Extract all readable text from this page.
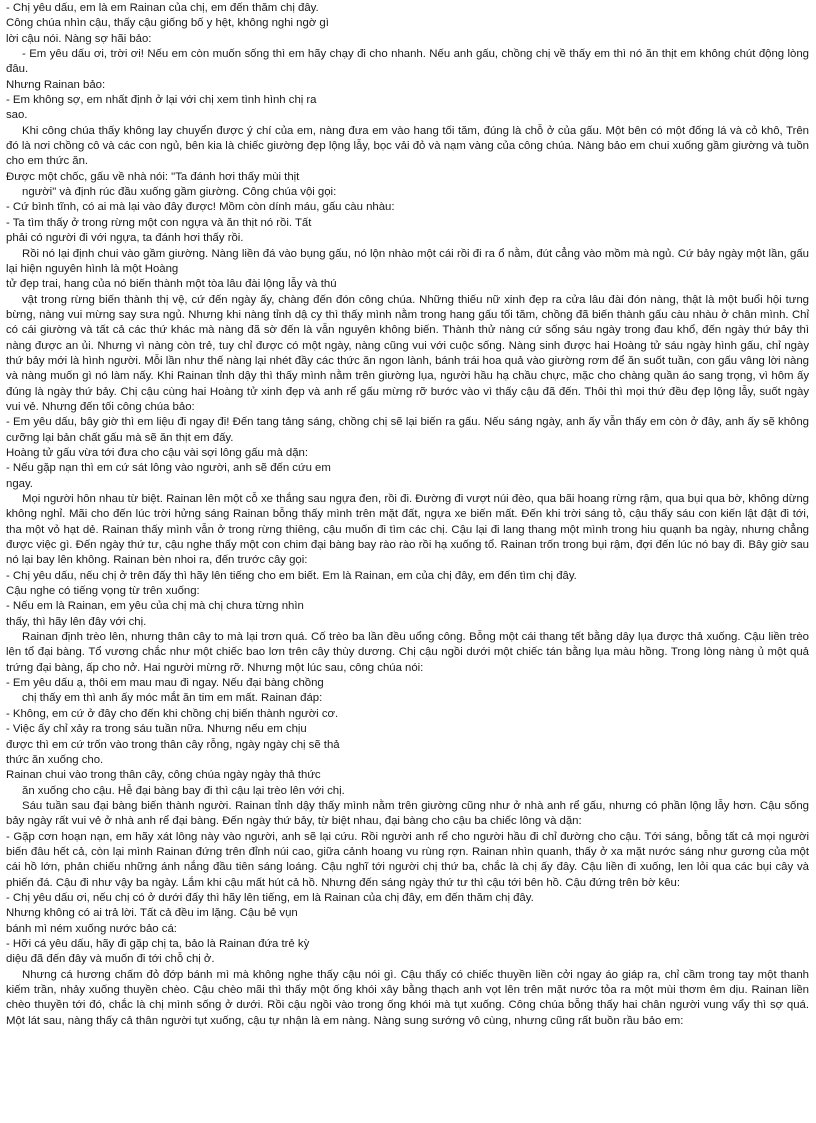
- Chị yêu dấu, em là em Rainan của chị, em đến thăm chị đây.
Công chúa nhìn cậu, thấy cậu giống bố y hệt, không nghi ngờ gì
lời cậu nói. Nàng sợ hãi bảo:
- Em yêu dấu ơi, trời ơi! Nếu em còn muốn sống thì em hãy chạy đi cho nhanh. Nếu anh gấu, chồng chị về thấy em thì nó ăn thịt em không chút động lòng đâu.
Nhưng Rainan bảo:
- Em không sợ, em nhất định ở lại với chị xem tình hình chị ra
sao.
Khi công chúa thấy không lay chuyển được ý chí của em, nàng đưa em vào hang tối tăm, đúng là chỗ ở của gấu. Một bên có một đống lá và cỏ khô, Trên đó là nơi chồng cô và các con ngủ, bên kia là chiếc giường đẹp lộng lẫy, bọc vải đỏ và nạm vàng của công chúa. Nàng bảo em chui xuống gầm giường và tuồn cho em thức ăn.
Được một chốc, gấu về nhà nói: "Ta đánh hơi thấy mùi thịt
người" và định rúc đầu xuống gầm giường. Công chúa vội gọi:
- Cứ bình tĩnh, có ai mà lại vào đây được! Mồm còn dính máu, gấu càu nhàu:
- Ta tìm thấy ở trong rừng một con ngựa và ăn thịt nó rồi. Tất
phải có người đi với ngựa, ta đánh hơi thấy rồi.
Rồi nó lại định chui vào gầm giường. Nàng liền đá vào bụng gấu, nó lộn nhào một cái rồi đi ra ổ nằm, đút cẳng vào mồm mà ngủ. Cứ bảy ngày một lần, gấu lại hiện nguyên hình là một Hoàng
tử đẹp trai, hang của nó biến thành một tòa lâu đài lộng lẫy và thú
vật trong rừng biến thành thị vệ, cứ đến ngày ấy, chàng đến đón công chúa. Những thiếu nữ xinh đẹp ra cửa lâu đài đón nàng, thật là một buổi hội tưng bừng, nàng vui mừng say sưa ngủ. Nhưng khi nàng tỉnh dậ cy thì thấy mình nằm trong hang gấu tối tăm, chồng đã biến thành gấu càu nhàu ở chân mình. Chỉ có cái giường và tất cả các thứ khác mà nàng đã sờ đến là vẫn nguyên không biến. Thành thử nàng cứ sống sáu ngày trong đau khổ, đến ngày thứ bảy thì nàng được an ủi. Nhưng vì nàng còn trẻ, tuy chỉ được có một ngày, nàng cũng vui với cuộc sống. Nàng sinh được hai Hoàng tử sáu ngày hình gấu, chỉ ngày thứ bảy mới là hình người. Mỗi lần như thế nàng lại nhét đầy các thức ăn ngon lành, bánh trái hoa quả vào giường rơm để ăn suốt tuần, con gấu vâng lời nàng và nàng muốn gì nó làm nấy. Khi Rainan tỉnh dậy thì thấy mình nằm trên giường lụa, người hầu hạ chầu chực, mặc cho chàng quần áo sang trọng, vì hôm ấy đúng là ngày thứ bảy. Chị cậu cùng hai Hoàng tử xinh đẹp và anh rể gấu mừng rỡ bước vào vì thấy cậu đã đến. Thôi thì mọi thứ đều đẹp lộng lẫy, suốt ngày vui vẻ. Nhưng đến tối công chúa bảo:
- Em yêu dấu, bây giờ thì em liệu đi ngay đi! Đến tang tảng sáng, chồng chị sẽ lại biến ra gấu. Nếu sáng ngày, anh ấy vẫn thấy em còn ở đây, anh ấy sẽ không cưỡng lại bản chất gấu mà sẽ ăn thịt em đấy.
Hoàng tử gấu vừa tới đưa cho cậu vài sợi lông gấu mà dặn:
- Nếu gặp nạn thì em cứ sát lông vào người, anh sẽ đến cứu em
ngay.
Mọi người hôn nhau từ biệt. Rainan lên một cỗ xe thắng sau ngựa đen, rồi đi. Đường đi vượt núi đèo, qua bãi hoang rừng rậm, qua bụi qua bờ, không dừng không nghỉ. Mãi cho đến lúc trời hửng sáng Rainan bỗng thấy mình trên mặt đất, ngựa xe biến mất. Đến khi trời sáng tỏ, cậu thấy sáu con kiến lật đật đi tới, tha một vỏ hạt dẻ. Rainan thấy mình vẫn ở trong rừng thiêng, cậu muốn đi tìm các chị. Cậu lại đi lang thang một mình trong hiu quạnh ba ngày, nhưng chẳng được việc gì. Đến ngày thứ tư, cậu nghe thấy một con chim đại bàng bay rào rào rồi hạ xuống tổ. Rainan trốn trong bụi rậm, đợi đến lúc nó bay đi. Bây giờ sau nó lại bay lên không. Rainan bèn nhoi ra, đến trước cây gọi:
- Chị yêu dấu, nếu chị ở trên đấy thì hãy lên tiếng cho em biết. Em là Rainan, em của chị đây, em đến tìm chị đây.
Cậu nghe có tiếng vọng từ trên xuống:
- Nếu em là Rainan, em yêu của chị mà chị chưa từng nhìn
thấy, thì hãy lên đây với chị.
Rainan định trèo lên, nhưng thân cây to mà lại trơn quá. Cố trèo ba lần đều uổng công. Bỗng một cái thang tết bằng dây lụa được thả xuống. Cậu liền trèo lên tổ đại bàng. Tổ vương chắc như một chiếc bao lơn trên cây thùy dương. Chị cậu ngồi dưới một chiếc tán bằng lụa màu hồng. Trong lòng nàng ủ một quả trứng đại bàng, ấp cho nở. Hai người mừng rỡ. Nhưng một lúc sau, công chúa nói:
- Em yêu dấu ạ, thôi em mau mau đi ngay. Nếu đại bàng chồng
chị thấy em thì anh ấy móc mắt ăn tim em mất. Rainan đáp:
- Không, em cứ ở đây cho đến khi chồng chị biến thành người cơ.
- Việc ấy chỉ xảy ra trong sáu tuần nữa. Nhưng nếu em chịu
được thì em cứ trốn vào trong thân cây rỗng, ngày ngày chị sẽ thả
thức ăn xuống cho.
Rainan chui vào trong thân cây, công chúa ngày ngày thả thức
ăn xuống cho cậu. Hễ đại bàng bay đi thì cậu lại trèo lên với chị.
Sáu tuần sau đại bàng biến thành người. Rainan tỉnh dậy thấy mình nằm trên giường cũng như ở nhà anh rể gấu, nhưng có phần lộng lẫy hơn. Cậu sống bảy ngày rất vui vẻ ở nhà anh rể đại bàng. Đến ngày thứ bảy, từ biệt nhau, đại bàng cho cậu ba chiếc lông và dặn:
- Gặp cơn hoạn nạn, em hãy xát lông này vào người, anh sẽ lại cứu. Rồi người anh rể cho người hầu đi chỉ đường cho cậu. Tới sáng, bỗng tất cả mọi người biến đâu hết cả, còn lại mình Rainan đứng trên đỉnh núi cao, giữa cảnh hoang vu rùng rợn. Rainan nhìn quanh, thấy ở xa mặt nước sáng như gương của một cái hồ lớn, phản chiếu những ánh nắng đầu tiên sáng loáng. Cậu nghĩ tới người chị thứ ba, chắc là chị ấy đây. Cậu liền đi xuống, len lỏi qua các bụi cây và phiến đá. Cậu đi như vậy ba ngày. Lắm khi cậu mất hút cả hồ. Nhưng đến sáng ngày thứ tư thì cậu tới bên hồ. Cậu đứng trên bờ kêu:
- Chị yêu dấu ơi, nếu chị có ở dưới đấy thì hãy lên tiếng, em là Rainan của chị đây, em đến thăm chị đây.
Nhưng không có ai trả lời. Tất cả đều im lặng. Cậu bẻ vụn
bánh mì ném xuống nước bảo cá:
- Hỡi cá yêu dấu, hãy đi gặp chị ta, bảo là Rainan đứa trẻ kỳ
diệu đã đến đây và muốn đi tới chỗ chị ở.
Nhưng cá hương chấm đỏ đớp bánh mì mà không nghe thấy cậu nói gì. Cậu thấy có chiếc thuyền liền cởi ngay áo giáp ra, chỉ cầm trong tay một thanh kiếm trần, nhảy xuống thuyền chèo. Cậu chèo mãi thì thấy một ống khói xây bằng thạch anh vọt lên trên mặt nước tỏa ra một mùi thơm êm dịu. Rainan liền chèo thuyền tới đó, chắc là chị mình sống ở dưới. Rồi cậu ngồi vào trong ống khói mà tụt xuống. Công chúa bỗng thấy hai chân người vung vẩy thì sợ quá. Một lát sau, nàng thấy cả thân người tụt xuống, cậu tự nhận là em nàng. Nàng sung sướng vô cùng, nhưng cũng rất buồn rầu bảo em:
